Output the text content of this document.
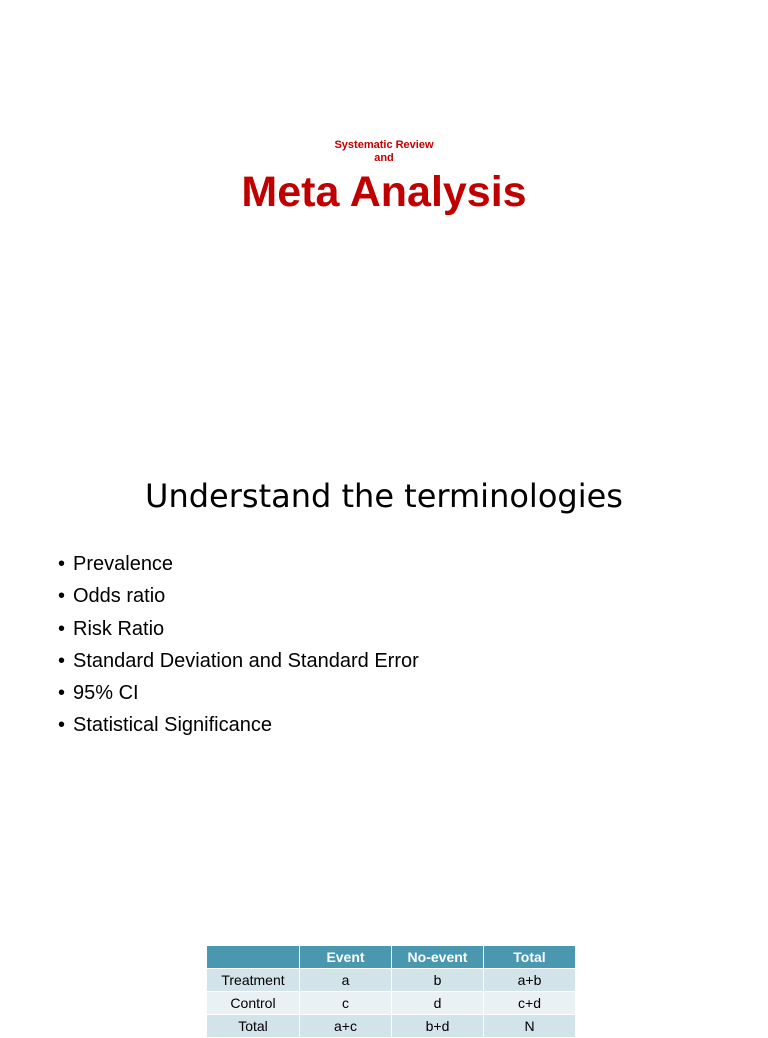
Systematic Review
and
Meta Analysis
Understand the terminologies
• Prevalence
• Odds ratio
• Risk Ratio
• Standard Deviation and Standard Error
• 95% CI
• Statistical Significance
	Event	No-event	Total
Treatment	a	b	a+b
Control	c	d	c+d
Total	a+c	b+d	N
